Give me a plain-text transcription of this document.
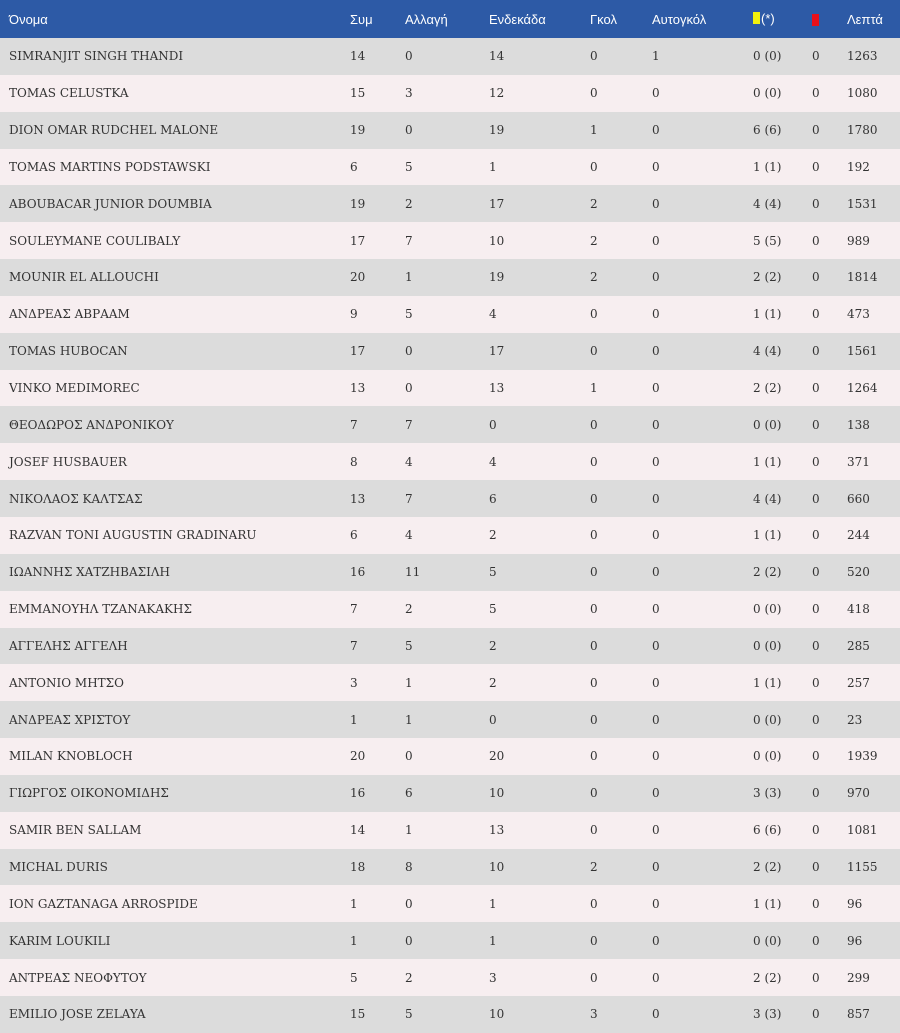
Όνομα	Συμ	Αλλαγή	Ενδεκάδα	Γκολ	Αυτογκόλ	(*)		Λεπτά
SIMRANJIT SINGH THANDI	14	0	14	0	1	0 (0)	0	1263
TOMAS CELUSTKA	15	3	12	0	0	0 (0)	0	1080
DION OMAR RUDCHEL MALONE	19	0	19	1	0	6 (6)	0	1780
TOMAS MARTINS PODSTAWSKI	6	5	1	0	0	1 (1)	0	192
ABOUBACAR JUNIOR DOUMBIA	19	2	17	2	0	4 (4)	0	1531
SOULEYMANE COULIBALY	17	7	10	2	0	5 (5)	0	989
MOUNIR EL ALLOUCHI	20	1	19	2	0	2 (2)	0	1814
ΑΝΔΡΕΑΣ ΑΒΡΑΑΜ	9	5	4	0	0	1 (1)	0	473
TOMAS HUBOCAN	17	0	17	0	0	4 (4)	0	1561
VINKO MEDIMOREC	13	0	13	1	0	2 (2)	0	1264
ΘΕΟΔΩΡΟΣ ΑΝΔΡΟΝΙΚΟΥ	7	7	0	0	0	0 (0)	0	138
JOSEF HUSBAUER	8	4	4	0	0	1 (1)	0	371
ΝΙΚΟΛΑΟΣ ΚΑΛΤΣΑΣ	13	7	6	0	0	4 (4)	0	660
RAZVAN TONI AUGUSTIN GRADINARU	6	4	2	0	0	1 (1)	0	244
ΙΩΑΝΝΗΣ ΧΑΤΖΗΒΑΣΙΛΗ	16	11	5	0	0	2 (2)	0	520
ΕΜΜΑΝΟΥΗΛ ΤΖΑΝΑΚΑΚΗΣ	7	2	5	0	0	0 (0)	0	418
ΑΓΓΕΛΗΣ ΑΓΓΕΛΗ	7	5	2	0	0	0 (0)	0	285
ΑΝΤΟΝΙΟ ΜΗΤΣΟ	3	1	2	0	0	1 (1)	0	257
ΑΝΔΡΕΑΣ ΧΡΙΣΤΟΥ	1	1	0	0	0	0 (0)	0	23
MILAN KNOBLOCH	20	0	20	0	0	0 (0)	0	1939
ΓΙΩΡΓΟΣ ΟΙΚΟΝΟΜΙΔΗΣ	16	6	10	0	0	3 (3)	0	970
SAMIR BEN SALLAM	14	1	13	0	0	6 (6)	0	1081
MICHAL DURIS	18	8	10	2	0	2 (2)	0	1155
ION GAZTANAGA ARROSPIDE	1	0	1	0	0	1 (1)	0	96
KARIM LOUKILI	1	0	1	0	0	0 (0)	0	96
ΑΝΤΡΕΑΣ ΝΕΟΦΥΤΟΥ	5	2	3	0	0	2 (2)	0	299
EMILIO JOSE ZELAYA	15	5	10	3	0	3 (3)	0	857
